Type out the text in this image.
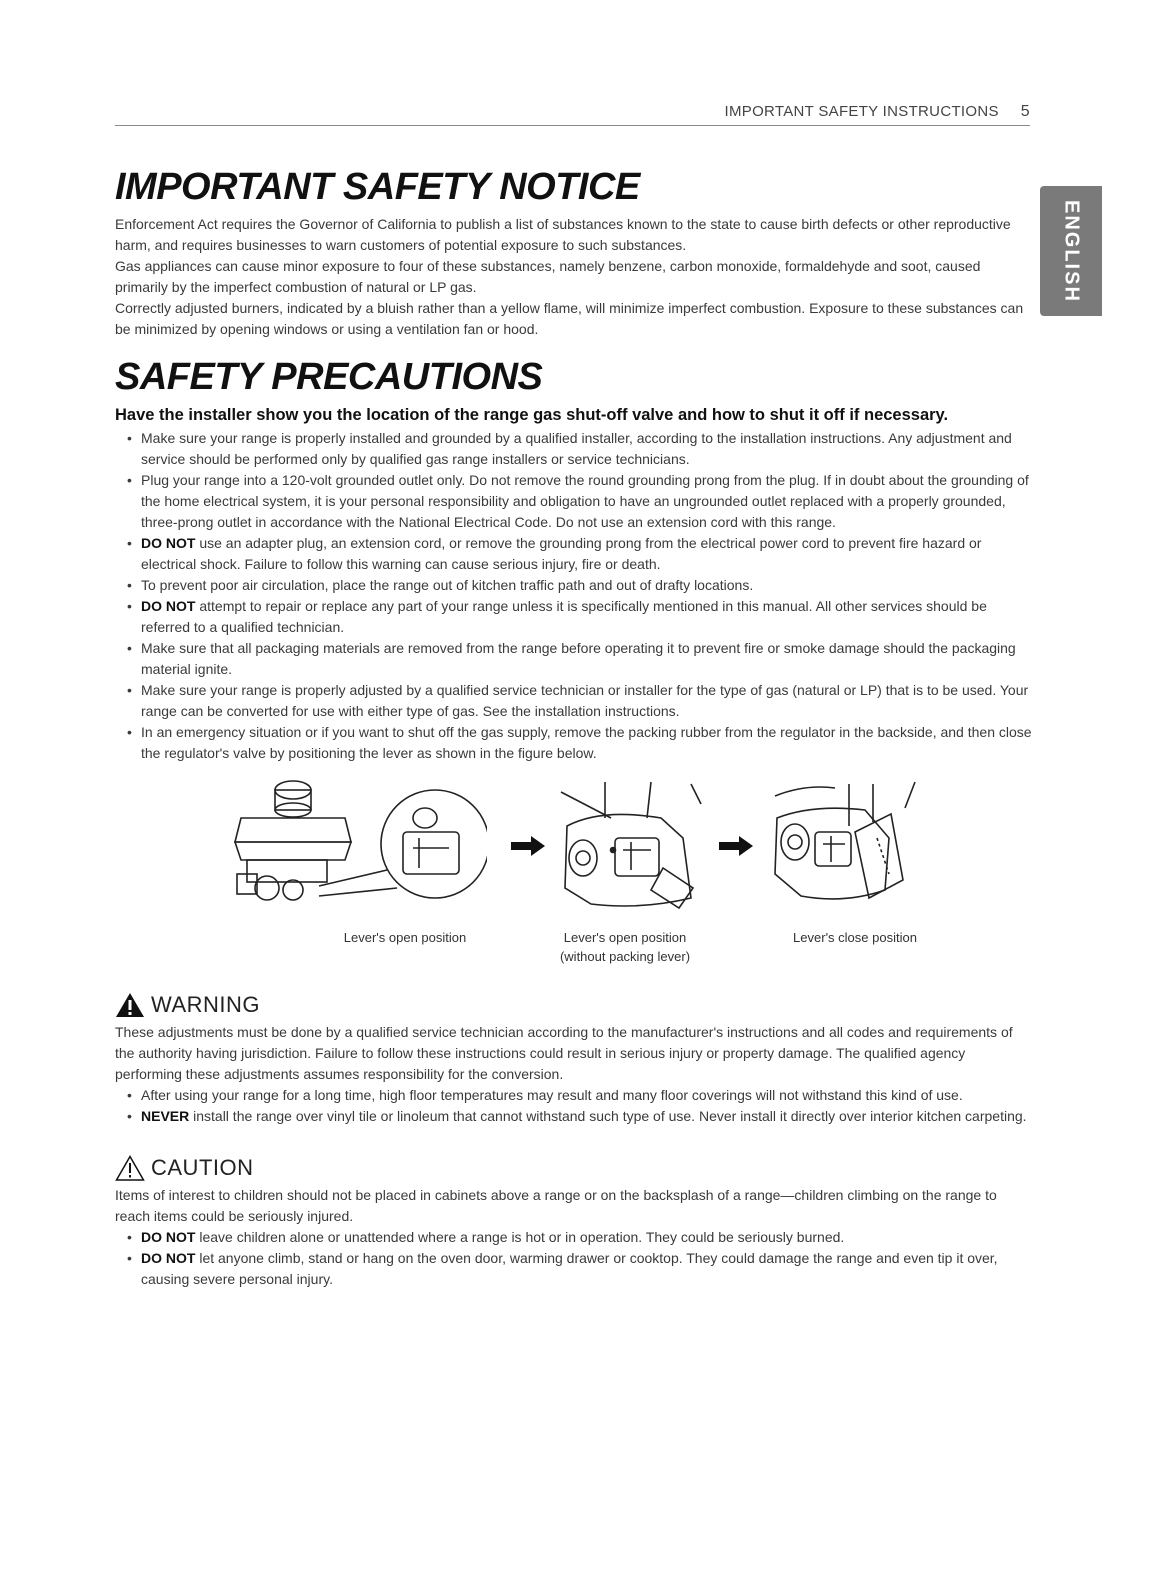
IMPORTANT SAFETY INSTRUCTIONS 5
ENGLISH
IMPORTANT SAFETY NOTICE

Enforcement Act requires the Governor of California to publish a list of substances known to the state to cause birth defects or other reproductive harm, and requires businesses to warn customers of potential exposure to such substances.

Gas appliances can cause minor exposure to four of these substances, namely benzene, carbon monoxide, formaldehyde and soot, caused primarily by the imperfect combustion of natural or LP gas.

Correctly adjusted burners, indicated by a bluish rather than a yellow flame, will minimize imperfect combustion. Exposure to these substances can be minimized by opening windows or using a ventilation fan or hood.

SAFETY PRECAUTIONS
Have the installer show you the location of the range gas shut-off valve and how to shut it off if necessary.
• Make sure your range is properly installed and grounded by a qualified installer, according to the installation instructions. Any adjustment and service should be performed only by qualified gas range installers or service technicians.
• Plug your range into a 120-volt grounded outlet only. Do not remove the round grounding prong from the plug. If in doubt about the grounding of the home electrical system, it is your personal responsibility and obligation to have an ungrounded outlet replaced with a properly grounded, three-prong outlet in accordance with the National Electrical Code. Do not use an extension cord with this range.
• DO NOT use an adapter plug, an extension cord, or remove the grounding prong from the electrical power cord to prevent fire hazard or electrical shock. Failure to follow this warning can cause serious injury, fire or death.
• To prevent poor air circulation, place the range out of kitchen traffic path and out of drafty locations.
• DO NOT attempt to repair or replace any part of your range unless it is specifically mentioned in this manual. All other services should be referred to a qualified technician.
• Make sure that all packaging materials are removed from the range before operating it to prevent fire or smoke damage should the packaging material ignite.
• Make sure your range is properly adjusted by a qualified service technician or installer for the type of gas (natural or LP) that is to be used. Your range can be converted for use with either type of gas. See the installation instructions.
• In an emergency situation or if you want to shut off the gas supply, remove the packing rubber from the regulator in the backside, and then close the regulator's valve by positioning the lever as shown in the figure below.
Lever's open position	Lever's open position
(without packing lever)
Lever's close position
WARNING

These adjustments must be done by a qualified service technician according to the manufacturer's instructions and all codes and requirements of the authority having jurisdiction. Failure to follow these instructions could result in serious injury or property damage. The qualified agency performing these adjustments assumes responsibility for the conversion.

• After using your range for a long time, high floor temperatures may result and many floor coverings will not withstand this kind of use.
• NEVER install the range over vinyl tile or linoleum that cannot withstand such type of use. Never install it directly over interior kitchen carpeting.
CAUTION

Items of interest to children should not be placed in cabinets above a range or on the backsplash of a range—children climbing on the range to reach items could be seriously injured.

• DO NOT leave children alone or unattended where a range is hot or in operation. They could be seriously burned.
• DO NOT let anyone climb, stand or hang on the oven door, warming drawer or cooktop. They could damage the range and even tip it over, causing severe personal injury.
